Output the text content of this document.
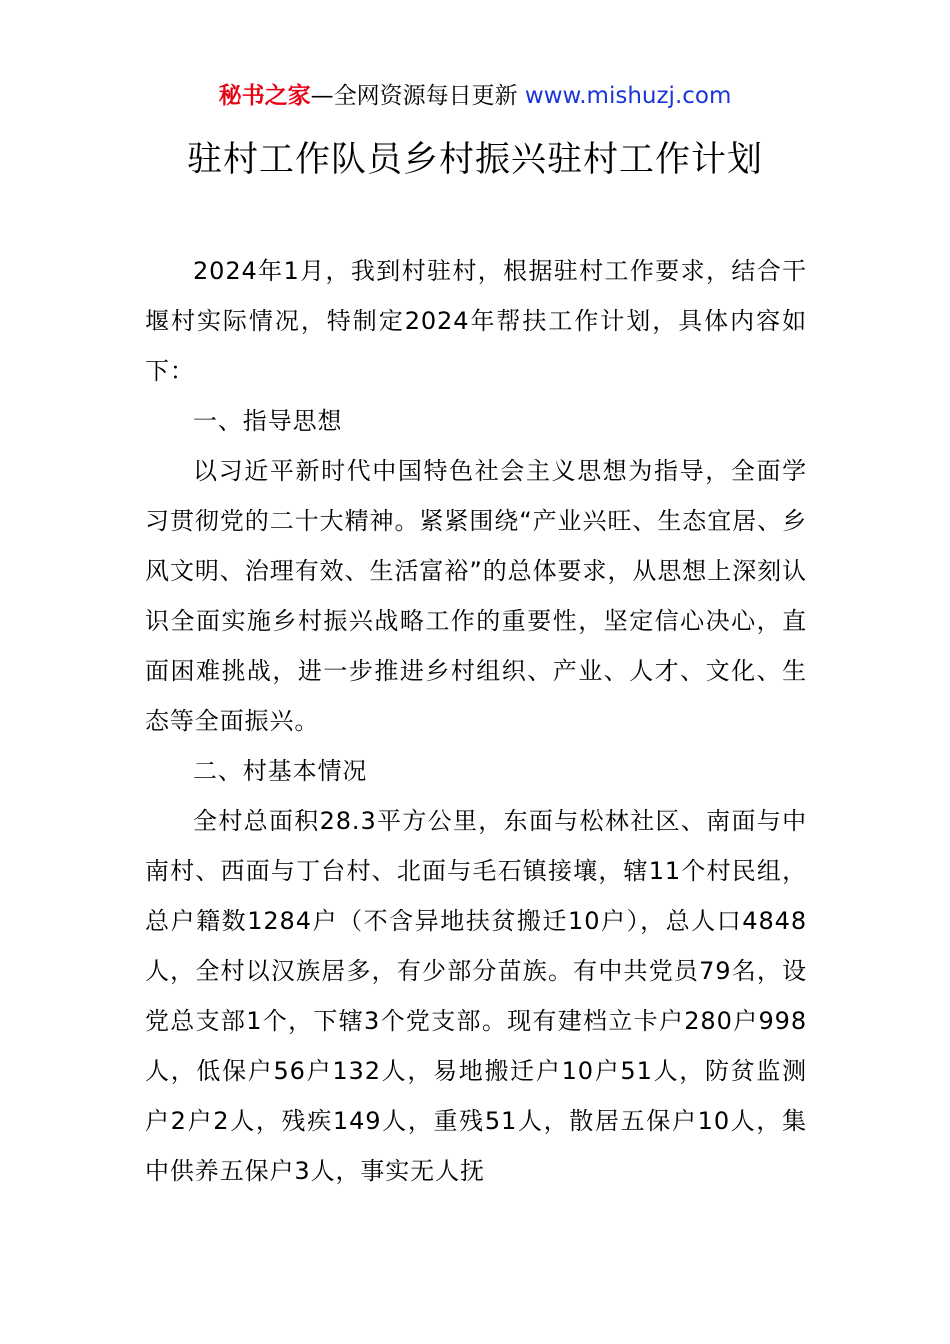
秘书之家—全网资源每日更新 www.mishuzj.com
驻村工作队员乡村振兴驻村工作计划

2024年1月，我到村驻村，根据驻村工作要求，结合干堰村实际情况，特制定2024年帮扶工作计划，具体内容如下：

一、指导思想

以习近平新时代中国特色社会主义思想为指导，全面学习贯彻党的二十大精神。紧紧围绕“产业兴旺、生态宜居、乡风文明、治理有效、生活富裕”的总体要求，从思想上深刻认识全面实施乡村振兴战略工作的重要性，坚定信心决心，直面困难挑战，进一步推进乡村组织、产业、人才、文化、生态等全面振兴。

二、村基本情况

全村总面积28.3平方公里，东面与松林社区、南面与中南村、西面与丁台村、北面与毛石镇接壤，辖11个村民组，总户籍数1284户（不含异地扶贫搬迁10户），总人口4848人，全村以汉族居多，有少部分苗族。有中共党员79名，设党总支部1个，下辖3个党支部。现有建档立卡户280户998人，低保户56户132人，易地搬迁户10户51人，防贫监测户2户2人，残疾149人，重残51人，散居五保户10人，集中供养五保户3人，事实无人抚
